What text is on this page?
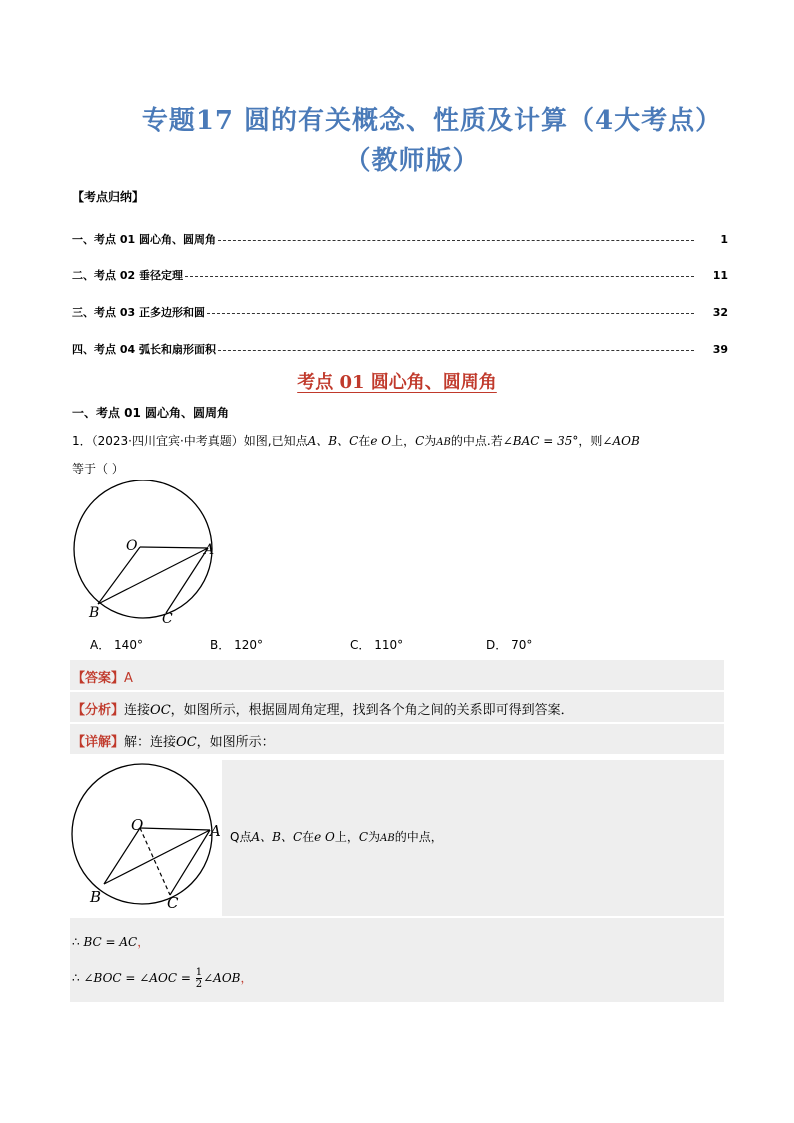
专题17 圆的有关概念、性质及计算（4大考点）
（教师版）
【考点归纳】
一、考点 01 圆心角、圆周角	1
二、考点 02 垂径定理	11
三、考点 03 正多边形和圆	32
四、考点 04 弧长和扇形面积	39
考点 01 圆心角、圆周角
一、考点 01 圆心角、圆周角
1．（2023·四川宜宾·中考真题）如图,已知点A、B、C在e O上，C为AB的中点.若∠BAC = 35°，则∠AOB
等于（ ）
O	A
B	C
A． 140°	B． 120°	C． 110°	D． 70°
【答案】A
【分析】连接OC，如图所示，根据圆周角定理，找到各个角之间的关系即可得到答案．
【详解】解：连接OC，如图所示：
O	A
B	C
Q点A、B、C在e O上，C为AB的中点，
∴ BC = AC，
∴ ∠BOC = ∠AOC = $\frac{1}{2}$ ∠AOB，
